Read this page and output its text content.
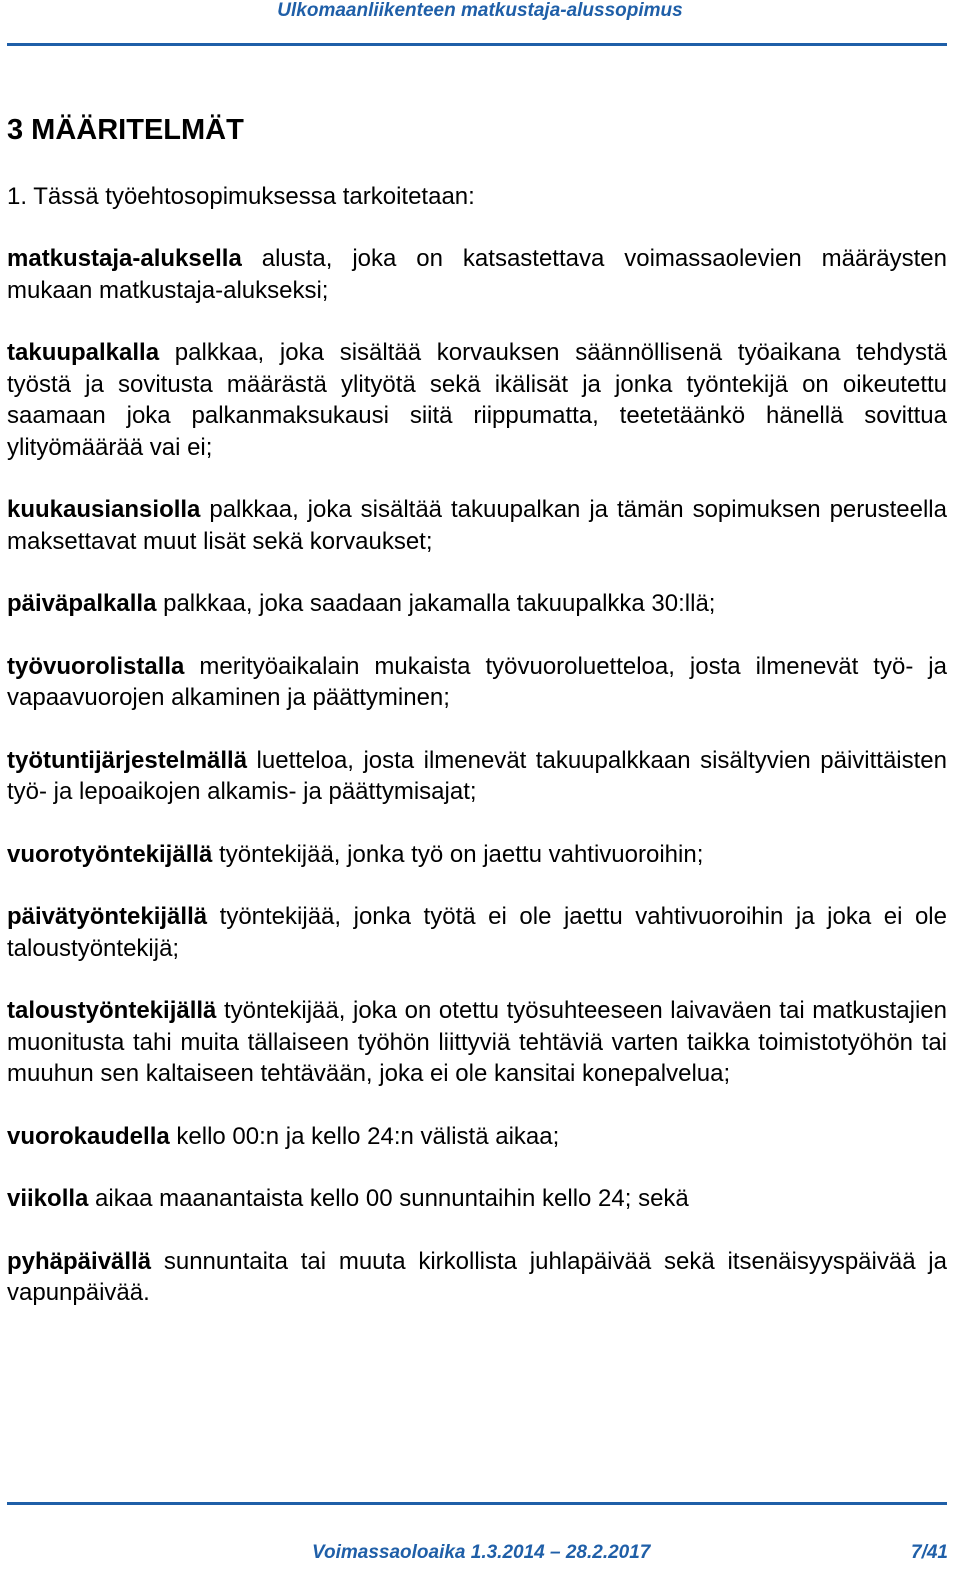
Ulkomaanliikenteen matkustaja-alussopimus
3 MÄÄRITELMÄT

1. Tässä työehtosopimuksessa tarkoitetaan:

matkustaja-aluksella alusta, joka on katsastettava voimassaolevien määräysten mukaan matkustaja-alukseksi;

takuupalkalla palkkaa, joka sisältää korvauksen säännöllisenä työaikana tehdystä työstä ja sovitusta määrästä ylityötä sekä ikälisät ja jonka työntekijä on oikeutettu saamaan joka palkanmaksukausi siitä riippumatta, teetetäänkö hänellä sovittua ylityömäärää vai ei;

kuukausiansiolla palkkaa, joka sisältää takuupalkan ja tämän sopimuksen perusteella maksettavat muut lisät sekä korvaukset;

päiväpalkalla palkkaa, joka saadaan jakamalla takuupalkka 30:llä;

työvuorolistalla merityöaikalain mukaista työvuoroluetteloa, josta ilmenevät työ- ja vapaavuorojen alkaminen ja päättyminen;

työtuntijärjestelmällä luetteloa, josta ilmenevät takuupalkkaan sisältyvien päivittäisten työ- ja lepoaikojen alkamis- ja päättymisajat;

vuorotyöntekijällä työntekijää, jonka työ on jaettu vahtivuoroihin;

päivätyöntekijällä työntekijää, jonka työtä ei ole jaettu vahtivuoroihin ja joka ei ole taloustyöntekijä;

taloustyöntekijällä työntekijää, joka on otettu työsuhteeseen laivaväen tai matkustajien muonitusta tahi muita tällaiseen työhön liittyviä tehtäviä varten taikka toimistotyöhön tai muuhun sen kaltaiseen tehtävään, joka ei ole kansitai konepalvelua;

vuorokaudella kello 00:n ja kello 24:n välistä aikaa;

viikolla aikaa maanantaista kello 00 sunnuntaihin kello 24; sekä

pyhäpäivällä sunnuntaita tai muuta kirkollista juhlapäivää sekä itsenäisyyspäivää ja vapunpäivää.

Voimassaoloaika 1.3.2014 – 28.2.2017	7/41
